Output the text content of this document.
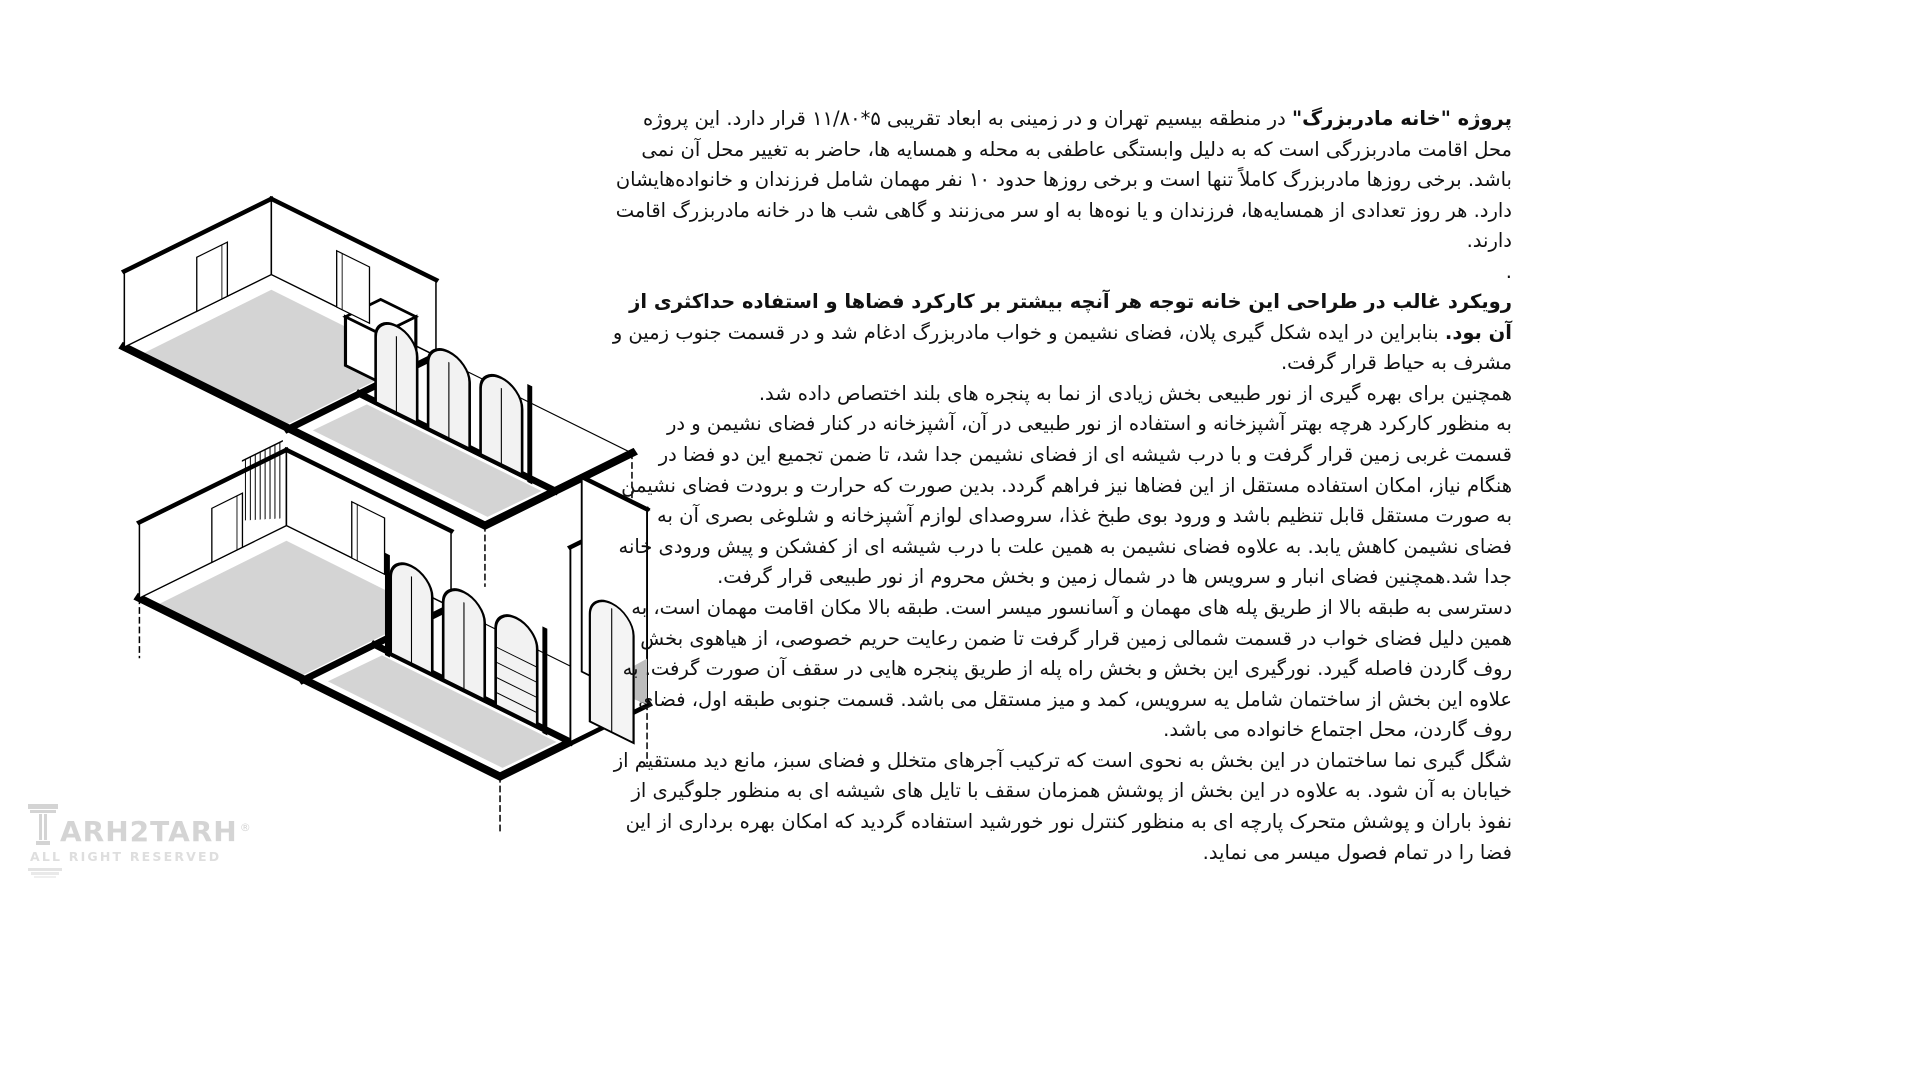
پروژه "خانه مادربزرگ" در منطقه بیسیم تهران و در زمینی به ابعاد تقریبی ۵*۱۱/۸۰ قرار دارد. این پروژه محل اقامت مادربزرگی است که به دلیل وابستگی عاطفی به محله و همسایه ها، حاضر به تغییر محل آن نمی باشد. برخی روزها مادربزرگ کاملاً تنها است و برخی روزها حدود ۱۰ نفر مهمان شامل فرزندان و خانواده‌هایشان دارد. هر روز تعدادی از همسایه‌ها، فرزندان و یا نوه‌ها به او سر می‌زنند و گاهی شب ها در خانه مادربزرگ اقامت دارند.

.

رویکرد غالب در طراحی این خانه توجه هر آنچه بیشتر بر کارکرد فضاها و استفاده حداکثری از آن بود. بنابراین در ایده شکل گیری پلان، فضای نشیمن و خواب مادربزرگ ادغام شد و در قسمت جنوب زمین و مشرف به حیاط قرار گرفت.

همچنین برای بهره گیری از نور طبیعی بخش زیادی از نما به پنجره های بلند اختصاص داده شد.

به منظور کارکرد هرچه بهتر آشپزخانه و استفاده از نور طبیعی در آن، آشپزخانه در کنار فضای نشیمن و در قسمت غربی زمین قرار گرفت و با درب شیشه ای از فضای نشیمن جدا شد، تا ضمن تجمیع این دو فضا در هنگام نیاز، امکان استفاده مستقل از این فضاها نیز فراهم گردد. بدین صورت که حرارت و برودت فضای نشیمن به صورت مستقل قابل تنظیم باشد و ورود بوی طبخ غذا، سروصدای لوازم آشپزخانه و شلوغی بصری آن به فضای نشیمن کاهش یابد. به علاوه فضای نشیمن به همین علت با درب شیشه ای از کفشکن و پیش ورودی خانه جدا شد.همچنین فضای انبار و سرویس ها در شمال زمین و بخش محروم از نور طبیعی قرار گرفت.

دسترسی به طبقه بالا از طریق پله های مهمان و آسانسور میسر است. طبقه بالا مکان اقامت مهمان است، به همین دلیل فضای خواب در قسمت شمالی زمین قرار گرفت تا ضمن رعایت حریم خصوصی، از هیاهوی بخش روف گاردن فاصله گیرد. نورگیری این بخش و بخش راه پله از طریق پنجره هایی در سقف آن صورت گرفت. به علاوه این بخش از ساختمان شامل یه سرویس، کمد و میز مستقل می باشد. قسمت جنوبی طبقه اول، فضای روف گاردن، محل اجتماع خانواده می باشد.

شگل گیری نما ساختمان در این بخش به نحوی است که ترکیب آجرهای متخلل و فضای سبز، مانع دید مستقیم از خیابان به آن شود. به علاوه در این بخش از پوشش همزمان سقف با تایل های شیشه ای به منظور جلوگیری از نفوذ باران و پوشش متحرک پارچه ای به منظور کنترل نور خورشید استفاده گردید که امکان بهره برداری از این فضا را در تمام فصول میسر می نماید.

ARH2TARH ®
ALL RIGHT RESERVED
